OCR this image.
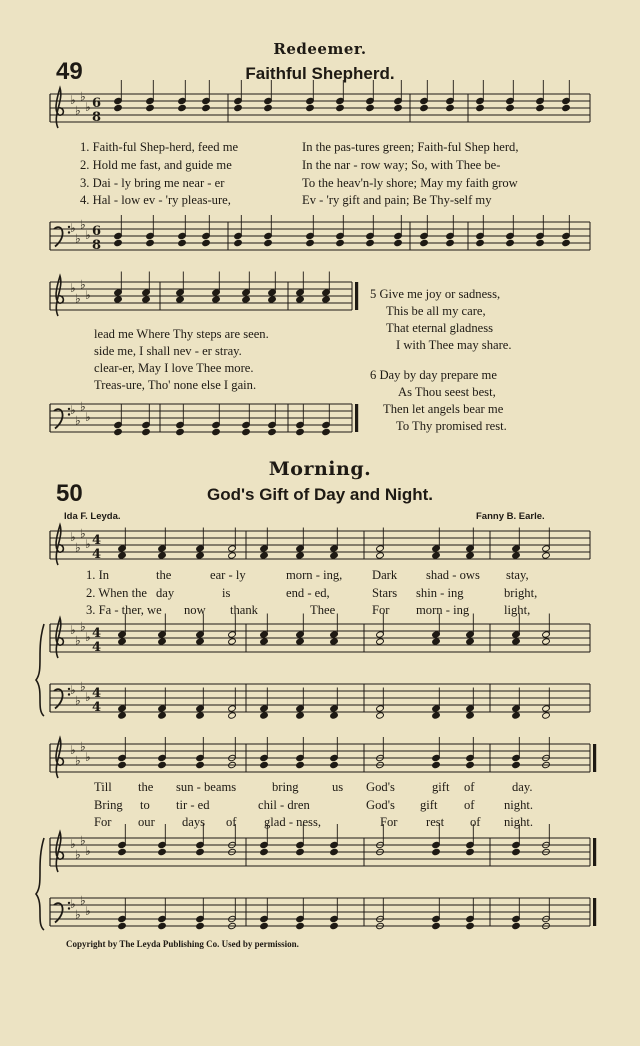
♭
♭
♭
♭ 6
8
♭
♭
♭
♭ 6
8
♭
♭
♭
♭
♭
♭
♭
♭
♭
♭
♭
♭ 4
4
♭
♭
♭
♭ 4
4
♭
♭
♭
♭ 4
4
♭
♭
♭
♭
♭
♭
♭
♭
♭
♭
♭
♭
Redeemer.
49	Faithful Shepherd.
1. Faith-ful Shep-herd, feed me	In the pas-tures green; Faith-ful Shep herd,
2. Hold me fast, and guide me	In the nar - row way; So, with Thee be-
3. Dai - ly bring me near - er	To the heav'n-ly shore; May my faith grow
4. Hal - low ev - 'ry pleas-ure,	Ev - 'ry gift and pain; Be Thy-self my
lead me Where Thy steps are seen.
side me, I shall nev - er stray.
clear-er, May I love Thee more.
Treas-ure, Tho' none else I gain.
5 Give me joy or sadness,
This be all my care,
That eternal gladness
I with Thee may share.
6 Day by day prepare me
As Thou seest best,
Then let angels bear me
To Thy promised rest.
Morning.
50	God's Gift of Day and Night.
Ida F. Leyda.	Fanny B. Earle.
1. In	the	ear - ly	morn - ing, Dark shad - ows stay,
2. When the day	is	end - ed,	Stars shin - ing	bright,
3. Fa - ther, we now thank	Thee	For morn - ing	light,
Till the sun - beams	bring	us God's	gift of	day.
Bring to tir - ed	chil - dren	God's gift of night.
For our days of glad - ness,	For rest of night.
Copyright by The Leyda Publishing Co. Used by permission.
